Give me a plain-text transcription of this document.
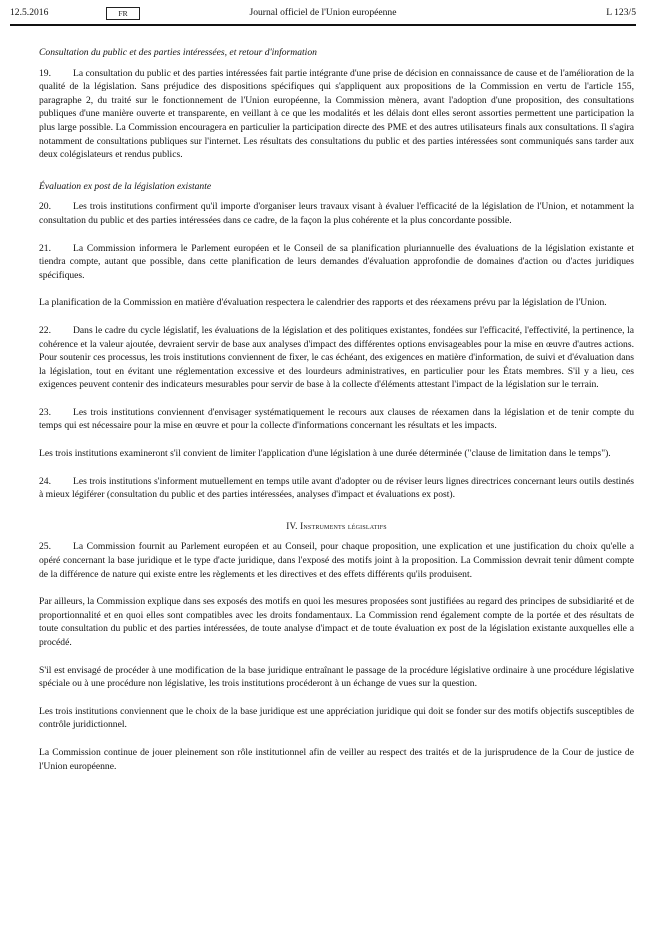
12.5.2016	FR	Journal officiel de l'Union européenne	L 123/5
Consultation du public et des parties intéressées, et retour d'information

19. La consultation du public et des parties intéressées fait partie intégrante d'une prise de décision en connaissance de cause et de l'amélioration de la qualité de la législation. Sans préjudice des dispositions spécifiques qui s'appliquent aux propositions de la Commission en vertu de l'article 155, paragraphe 2, du traité sur le fonctionnement de l'Union européenne, la Commission mènera, avant l'adoption d'une proposition, des consultations publiques d'une manière ouverte et transparente, en veillant à ce que les modalités et les délais dont elles seront assorties permettent une participation la plus large possible. La Commission encouragera en particulier la participation directe des PME et des autres utilisateurs finals aux consultations. Il s'agira notamment de consultations publiques sur l'internet. Les résultats des consultations du public et des parties intéressées sont communiqués sans tarder aux deux colégislateurs et rendus publics.

Évaluation ex post de la législation existante

20. Les trois institutions confirment qu'il importe d'organiser leurs travaux visant à évaluer l'efficacité de la législation de l'Union, et notamment la consultation du public et des parties intéressées dans ce cadre, de la façon la plus cohérente et la plus concordante possible.

21. La Commission informera le Parlement européen et le Conseil de sa planification pluriannuelle des évaluations de la législation existante et tiendra compte, autant que possible, dans cette planification de leurs demandes d'évaluation approfondie de domaines d'action ou d'actes juridiques spécifiques.

La planification de la Commission en matière d'évaluation respectera le calendrier des rapports et des réexamens prévu par la législation de l'Union.

22. Dans le cadre du cycle législatif, les évaluations de la législation et des politiques existantes, fondées sur l'efficacité, l'effectivité, la pertinence, la cohérence et la valeur ajoutée, devraient servir de base aux analyses d'impact des différentes options envisageables pour la mise en œuvre d'autres actions. Pour soutenir ces processus, les trois institutions conviennent de fixer, le cas échéant, des exigences en matière d'information, de suivi et d'évaluation dans la législation, tout en évitant une réglementation excessive et des lourdeurs administratives, en particulier pour les États membres. S'il y a lieu, ces exigences peuvent contenir des indicateurs mesurables pour servir de base à la collecte d'éléments attestant l'impact de la législation sur le terrain.

23. Les trois institutions conviennent d'envisager systématiquement le recours aux clauses de réexamen dans la législation et de tenir compte du temps qui est nécessaire pour la mise en œuvre et pour la collecte d'informations concernant les résultats et les impacts.

Les trois institutions examineront s'il convient de limiter l'application d'une législation à une durée déterminée ("clause de limitation dans le temps").

24. Les trois institutions s'informent mutuellement en temps utile avant d'adopter ou de réviser leurs lignes directrices concernant leurs outils destinés à mieux légiférer (consultation du public et des parties intéressées, analyses d'impact et évaluations ex post).

IV. Instruments législatifs

25. La Commission fournit au Parlement européen et au Conseil, pour chaque proposition, une explication et une justification du choix qu'elle a opéré concernant la base juridique et le type d'acte juridique, dans l'exposé des motifs joint à la proposition. La Commission devrait tenir dûment compte de la différence de nature qui existe entre les règlements et les directives et des effets différents qu'ils produisent.

Par ailleurs, la Commission explique dans ses exposés des motifs en quoi les mesures proposées sont justifiées au regard des principes de subsidiarité et de proportionnalité et en quoi elles sont compatibles avec les droits fondamentaux. La Commission rend également compte de la portée et des résultats de toute consultation du public et des parties intéressées, de toute analyse d'impact et de toute évaluation ex post de la législation existante auxquelles elle a procédé.

S'il est envisagé de procéder à une modification de la base juridique entraînant le passage de la procédure législative ordinaire à une procédure législative spéciale ou à une procédure non législative, les trois institutions procéderont à un échange de vues sur la question.

Les trois institutions conviennent que le choix de la base juridique est une appréciation juridique qui doit se fonder sur des motifs objectifs susceptibles de contrôle juridictionnel.

La Commission continue de jouer pleinement son rôle institutionnel afin de veiller au respect des traités et de la jurisprudence de la Cour de justice de l'Union européenne.
